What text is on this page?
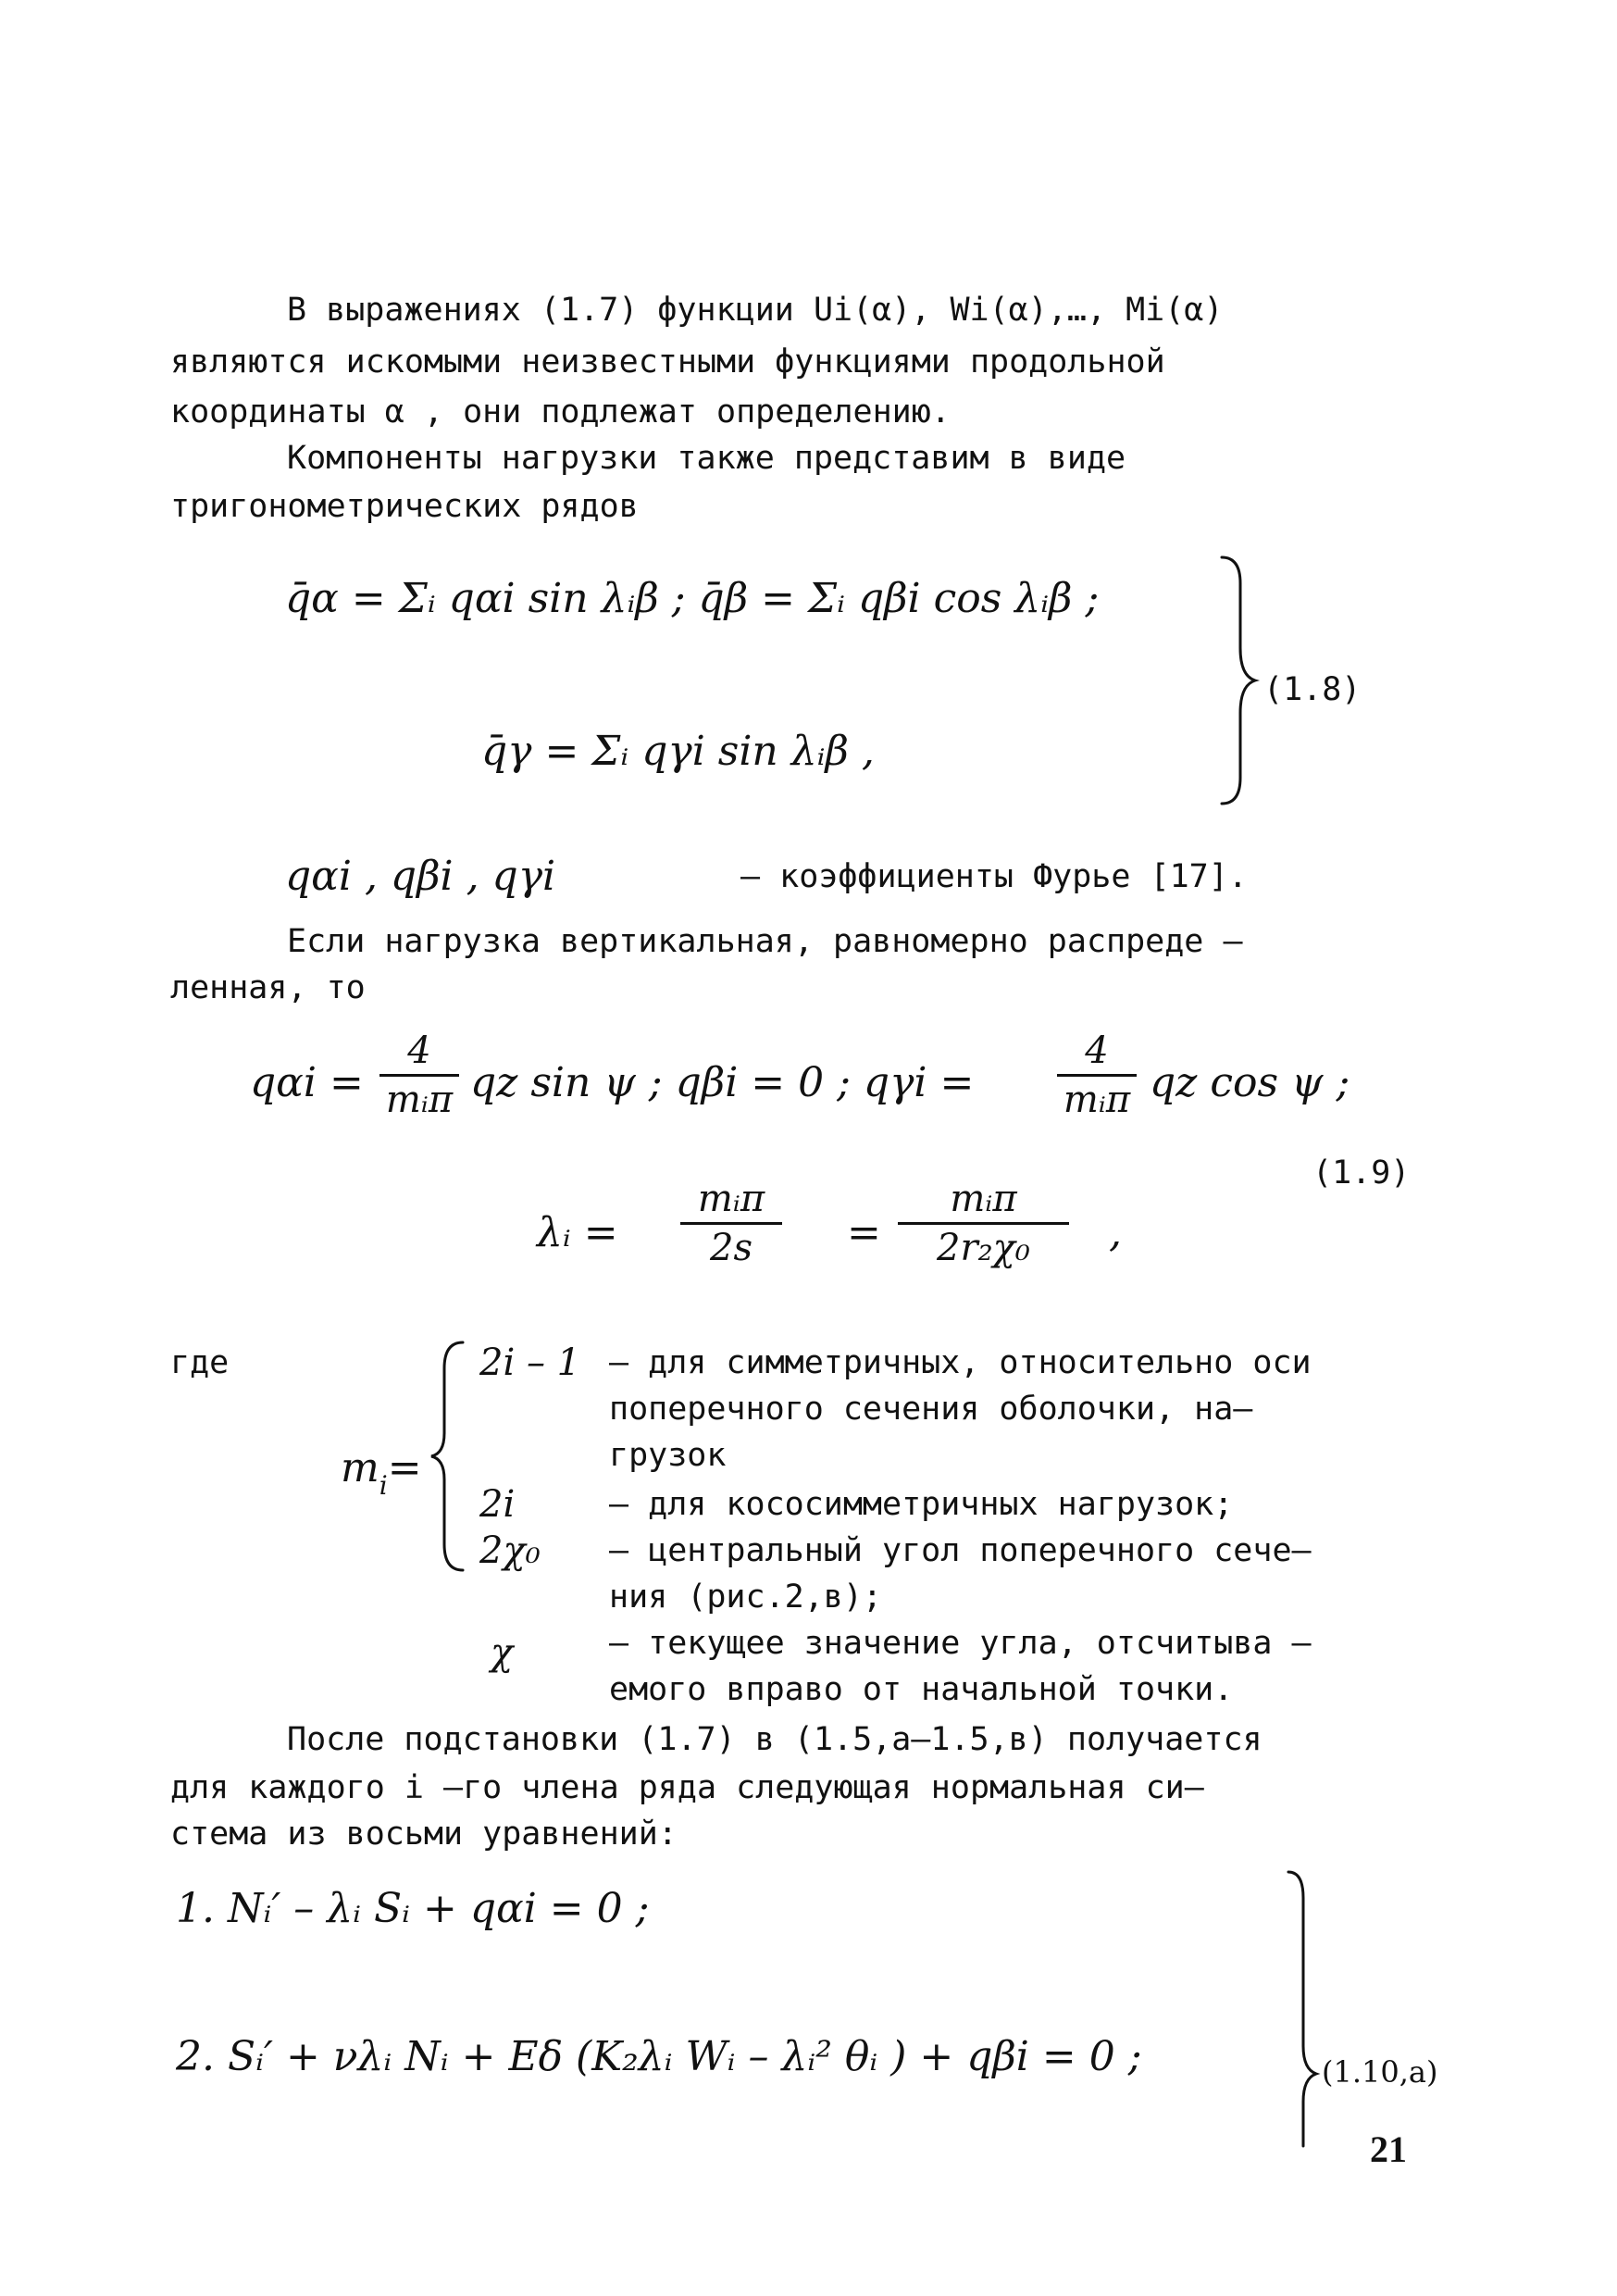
В выражениях (1.7) функции Ui(α), Wi(α),…, Mi(α)
являются искомыми неизвестными функциями продольной
координаты α , они подлежат определению.
Компоненты нагрузки также представим в виде
тригонометрических рядов
q̄α = Σᵢ qαi sin λᵢβ ; q̄β = Σᵢ qβi cos λᵢβ ;
q̄γ = Σᵢ qγi sin λᵢβ ,
(1.8)
qαi , qβi , qγi	– коэффициенты Фурье [17].
Если нагрузка вертикальная, равномерно распреде –
ленная, то
qαi =
4
mᵢπ qz sin ψ ; qβi = 0 ; qγi =
4
mᵢπ qz cos ψ ;
(1.9)
λᵢ =
mᵢπ
2s	=
mᵢπ
2r₂χ₀	,
где
mi=
2i – 1 – для симметричных, относительно оси
поперечного сечения оболочки, на–
грузок
2i	– для кососимметричных нагрузок;
2χ₀ – центральный угол поперечного сече–
ния (рис.2,в);
χ	– текущее значение угла, отсчитыва –
емого вправо от начальной точки.
После подстановки (1.7) в (1.5,а–1.5,в) получается
для каждого i –го члена ряда следующая нормальная си–
стема из восьми уравнений:
1. Nᵢ′ – λᵢ Sᵢ + qαi = 0 ;
2. Sᵢ′ + νλᵢ Nᵢ + Eδ (K₂λᵢ Wᵢ – λᵢ² θᵢ ) + qβi = 0 ;	(1.10,а)
21
